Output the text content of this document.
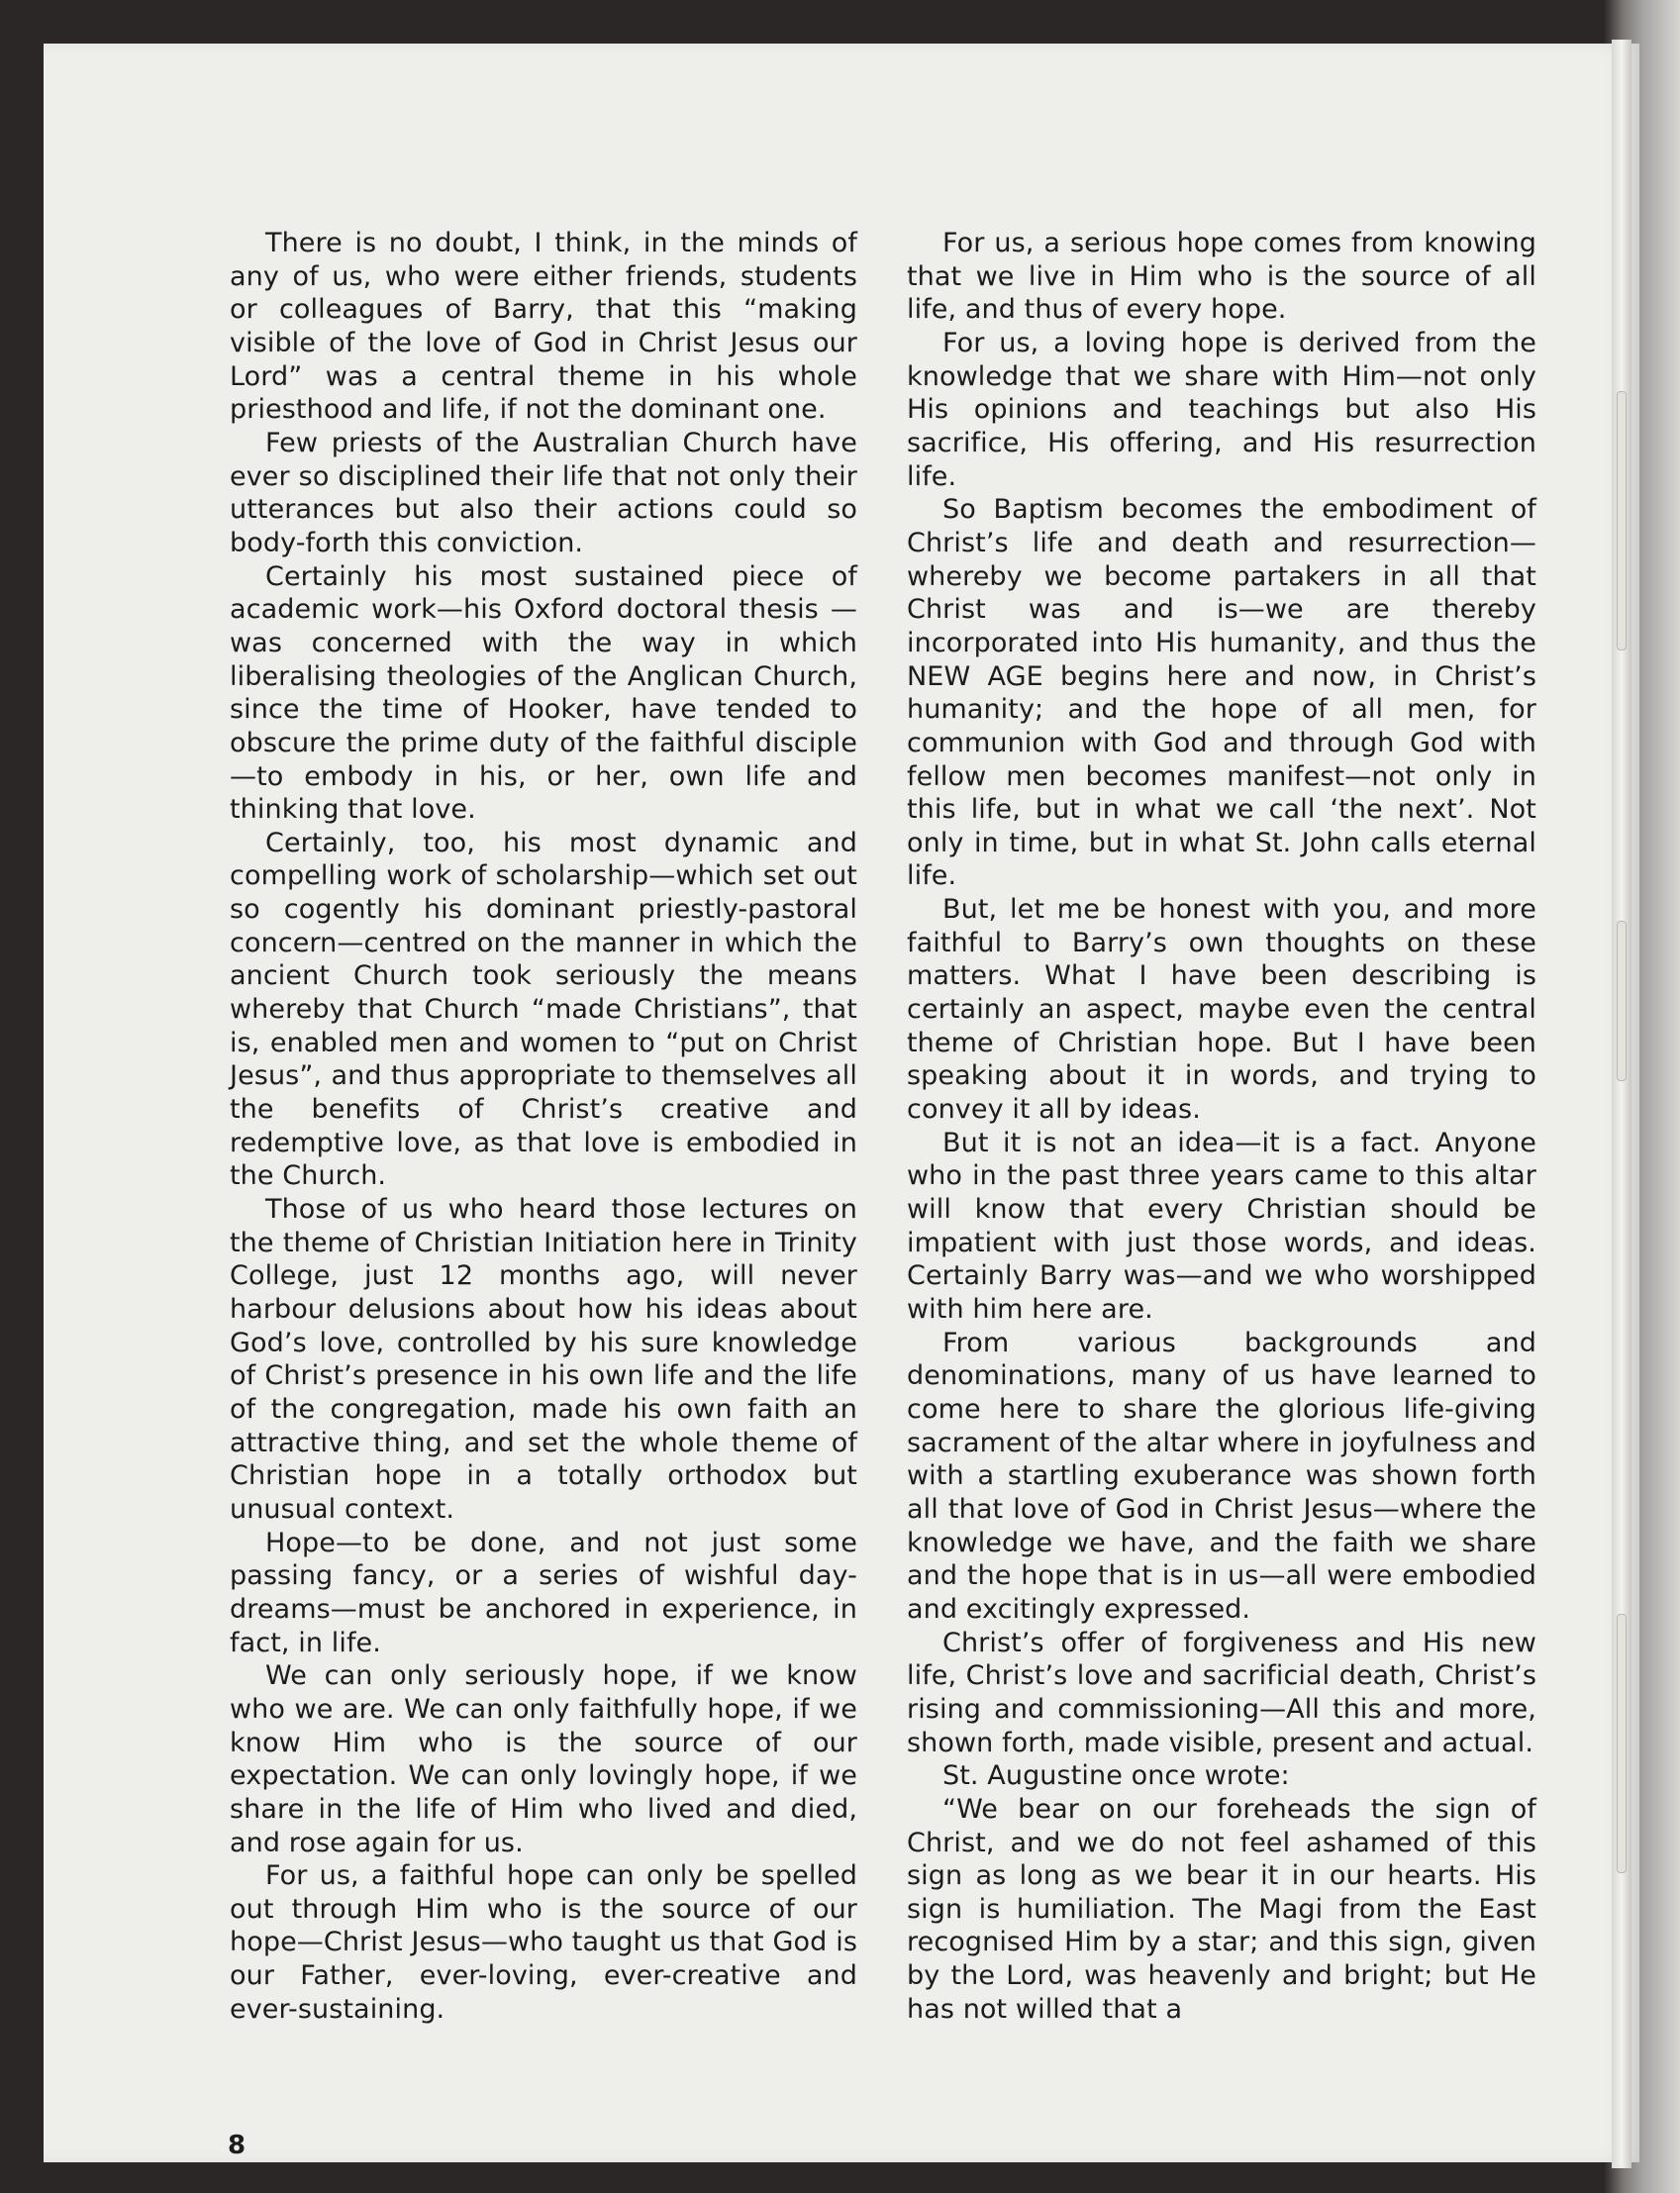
There is no doubt, I think, in the minds of any of us, who were either friends, students or colleagues of Barry, that this “making visible of the love of God in Christ Jesus our Lord” was a central theme in his whole priesthood and life, if not the dominant one.

Few priests of the Australian Church have ever so disciplined their life that not only their utterances but also their actions could so body-forth this conviction.

Certainly his most sustained piece of academic work—his Oxford doctoral thesis —was concerned with the way in which liberalising theologies of the Anglican Church, since the time of Hooker, have tended to obscure the prime duty of the faithful disciple—to embody in his, or her, own life and thinking that love.

Certainly, too, his most dynamic and compelling work of scholarship—which set out so cogently his dominant priestly-pastoral concern—centred on the manner in which the ancient Church took seriously the means whereby that Church “made Christians”, that is, enabled men and women to “put on Christ Jesus”, and thus appropriate to themselves all the benefits of Christ’s creative and redemptive love, as that love is embodied in the Church.

Those of us who heard those lectures on the theme of Christian Initiation here in Trinity College, just 12 months ago, will never harbour delusions about how his ideas about God’s love, controlled by his sure knowledge of Christ’s presence in his own life and the life of the congregation, made his own faith an attractive thing, and set the whole theme of Christian hope in a totally orthodox but unusual context.

Hope—to be done, and not just some passing fancy, or a series of wishful day-dreams—must be anchored in experience, in fact, in life.

We can only seriously hope, if we know who we are. We can only faithfully hope, if we know Him who is the source of our expectation. We can only lovingly hope, if we share in the life of Him who lived and died, and rose again for us.

For us, a faithful hope can only be spelled out through Him who is the source of our hope—Christ Jesus—who taught us that God is our Father, ever-loving, ever-creative and ever-sustaining.

For us, a serious hope comes from knowing that we live in Him who is the source of all life, and thus of every hope.

For us, a loving hope is derived from the knowledge that we share with Him—not only His opinions and teachings but also His sacrifice, His offering, and His resurrection life.

So Baptism becomes the embodiment of Christ’s life and death and resurrection—whereby we become partakers in all that Christ was and is—we are thereby incorporated into His humanity, and thus the NEW AGE begins here and now, in Christ’s humanity; and the hope of all men, for communion with God and through God with fellow men becomes manifest—not only in this life, but in what we call ‘the next’. Not only in time, but in what St. John calls eternal life.

But, let me be honest with you, and more faithful to Barry’s own thoughts on these matters. What I have been describing is certainly an aspect, maybe even the central theme of Christian hope. But I have been speaking about it in words, and trying to convey it all by ideas.

But it is not an idea—it is a fact. Anyone who in the past three years came to this altar will know that every Christian should be impatient with just those words, and ideas. Certainly Barry was—and we who worshipped with him here are.

From various backgrounds and denominations, many of us have learned to come here to share the glorious life-giving sacrament of the altar where in joyfulness and with a startling exuberance was shown forth all that love of God in Christ Jesus—where the knowledge we have, and the faith we share and the hope that is in us—all were embodied and excitingly expressed.

Christ’s offer of forgiveness and His new life, Christ’s love and sacrificial death, Christ’s rising and commissioning—All this and more, shown forth, made visible, present and actual.

St. Augustine once wrote:

“We bear on our foreheads the sign of Christ, and we do not feel ashamed of this sign as long as we bear it in our hearts. His sign is humiliation. The Magi from the East recognised Him by a star; and this sign, given by the Lord, was heavenly and bright; but He has not willed that a

8
